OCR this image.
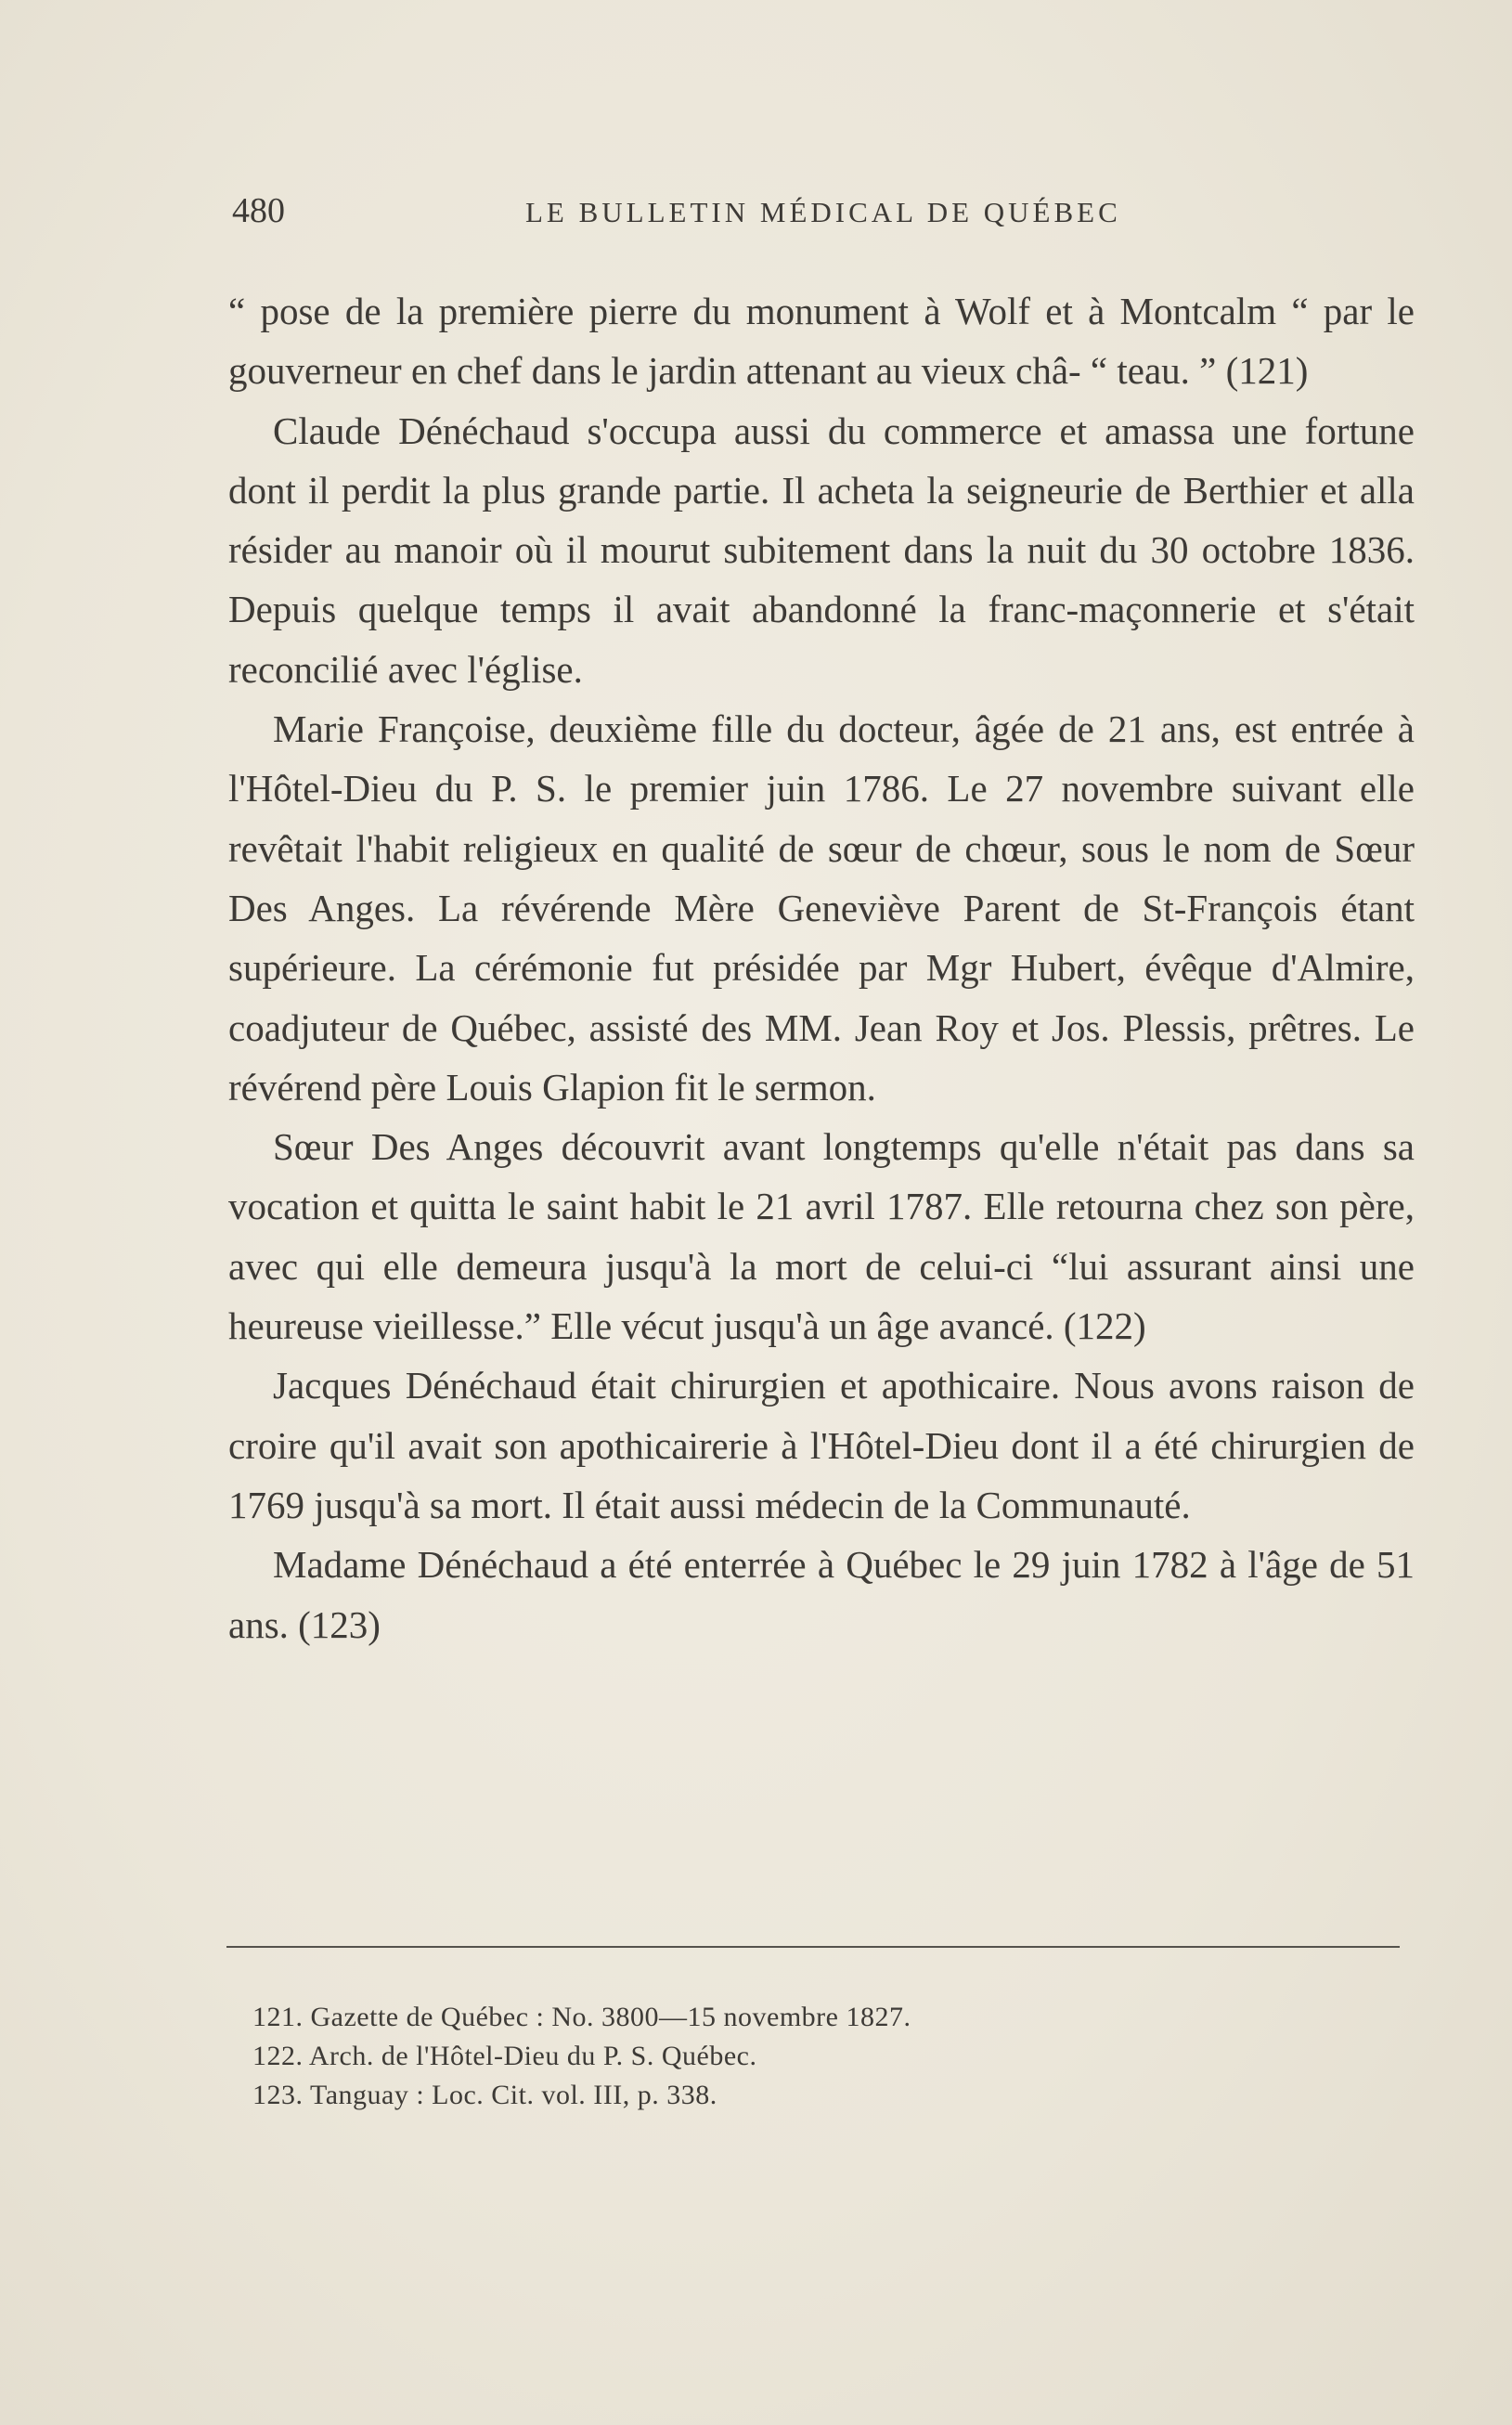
480	LE BULLETIN MÉDICAL DE QUÉBEC

“ pose de la première pierre du monument à Wolf et à Montcalm “ par le gouverneur en chef dans le jardin attenant au vieux châ- “ teau. ” (121)

Claude Dénéchaud s'occupa aussi du commerce et amassa une fortune dont il perdit la plus grande partie. Il acheta la seigneurie de Berthier et alla résider au manoir où il mourut subitement dans la nuit du 30 octobre 1836. Depuis quelque temps il avait abandonné la franc-maçonnerie et s'était reconcilié avec l'église.

Marie Françoise, deuxième fille du docteur, âgée de 21 ans, est entrée à l'Hôtel-Dieu du P. S. le premier juin 1786. Le 27 novembre suivant elle revêtait l'habit religieux en qualité de sœur de chœur, sous le nom de Sœur Des Anges. La révérende Mère Geneviève Parent de St-François étant supérieure. La cérémonie fut présidée par Mgr Hubert, évêque d'Almire, coadjuteur de Québec, assisté des MM. Jean Roy et Jos. Plessis, prêtres. Le révérend père Louis Glapion fit le sermon.

Sœur Des Anges découvrit avant longtemps qu'elle n'était pas dans sa vocation et quitta le saint habit le 21 avril 1787. Elle retourna chez son père, avec qui elle demeura jusqu'à la mort de celui-ci “lui assurant ainsi une heureuse vieillesse.” Elle vécut jusqu'à un âge avancé. (122)

Jacques Dénéchaud était chirurgien et apothicaire. Nous avons raison de croire qu'il avait son apothicairerie à l'Hôtel-Dieu dont il a été chirurgien de 1769 jusqu'à sa mort. Il était aussi médecin de la Communauté.

Madame Dénéchaud a été enterrée à Québec le 29 juin 1782 à l'âge de 51 ans. (123)

121. Gazette de Québec : No. 3800—15 novembre 1827.
122. Arch. de l'Hôtel-Dieu du P. S. Québec.
123. Tanguay : Loc. Cit. vol. III, p. 338.
